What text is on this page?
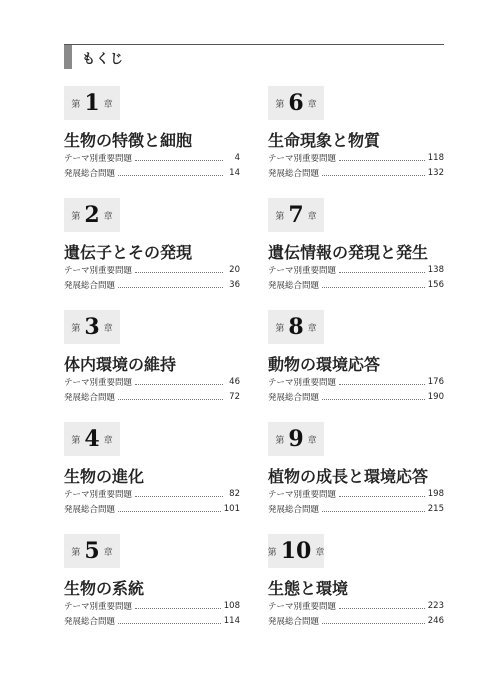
もくじ
第 1 章
生物の特徴と細胞
テーマ別重要問題	4
発展総合問題	14
第 2 章
遺伝子とその発現
テーマ別重要問題	20
発展総合問題	36
第 3 章
体内環境の維持
テーマ別重要問題	46
発展総合問題	72
第 4 章
生物の進化
テーマ別重要問題	82
発展総合問題	101
第 5 章
生物の系統
テーマ別重要問題	108
発展総合問題	114
第 6 章
生命現象と物質
テーマ別重要問題	118
発展総合問題	132
第 7 章
遺伝情報の発現と発生
テーマ別重要問題	138
発展総合問題	156
第 8 章
動物の環境応答
テーマ別重要問題	176
発展総合問題	190
第 9 章
植物の成長と環境応答
テーマ別重要問題	198
発展総合問題	215
第 10 章
生態と環境
テーマ別重要問題	223
発展総合問題	246
